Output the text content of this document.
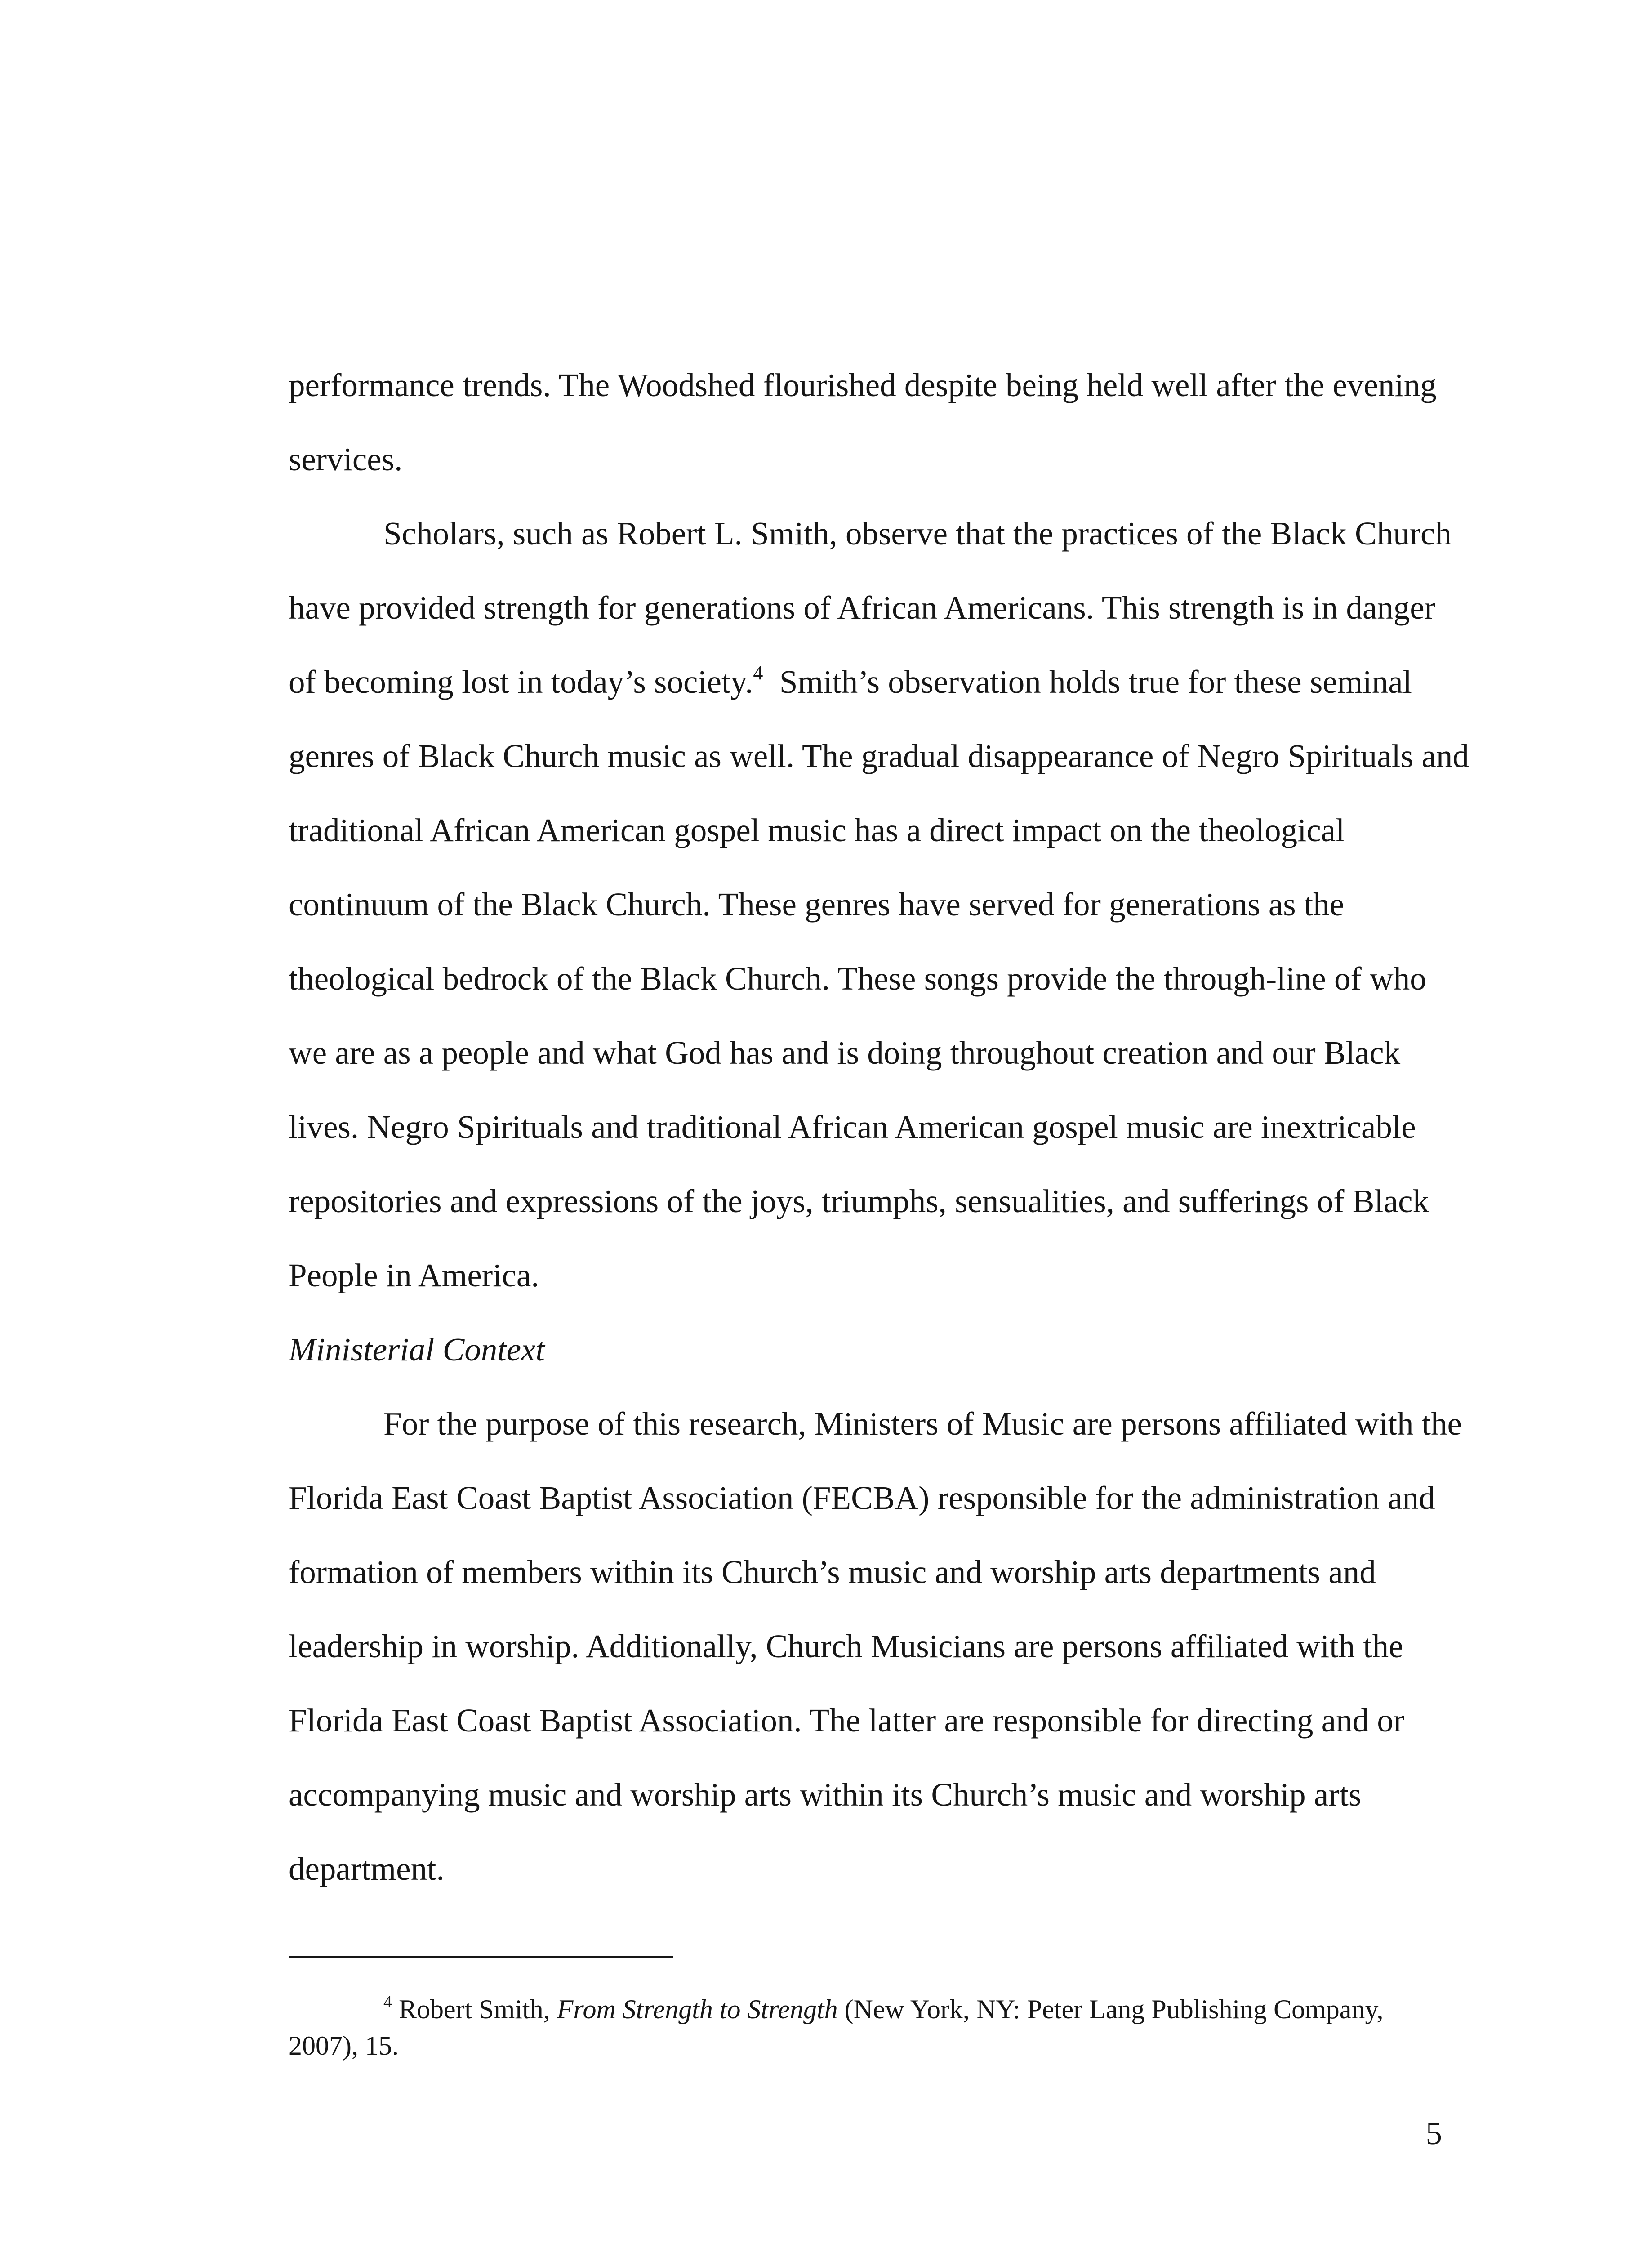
performance trends. The Woodshed flourished despite being held well after the evening
services.
Scholars, such as Robert L. Smith, observe that the practices of the Black Church
have provided strength for generations of African Americans. This strength is in danger
of becoming lost in today’s society.$^4$  Smith’s observation holds true for these seminal
genres of Black Church music as well. The gradual disappearance of Negro Spirituals and
traditional African American gospel music has a direct impact on the theological
continuum of the Black Church. These genres have served for generations as the
theological bedrock of the Black Church. These songs provide the through-line of who
we are as a people and what God has and is doing throughout creation and our Black
lives. Negro Spirituals and traditional African American gospel music are inextricable
repositories and expressions of the joys, triumphs, sensualities, and sufferings of Black
People in America.
Ministerial Context
For the purpose of this research, Ministers of Music are persons affiliated with the
Florida East Coast Baptist Association (FECBA) responsible for the administration and
formation of members within its Church’s music and worship arts departments and
leadership in worship. Additionally, Church Musicians are persons affiliated with the
Florida East Coast Baptist Association. The latter are responsible for directing and or
accompanying music and worship arts within its Church’s music and worship arts
department.
$^4$ Robert Smith, From Strength to Strength (New York, NY: Peter Lang Publishing Company,
2007), 15.
5
